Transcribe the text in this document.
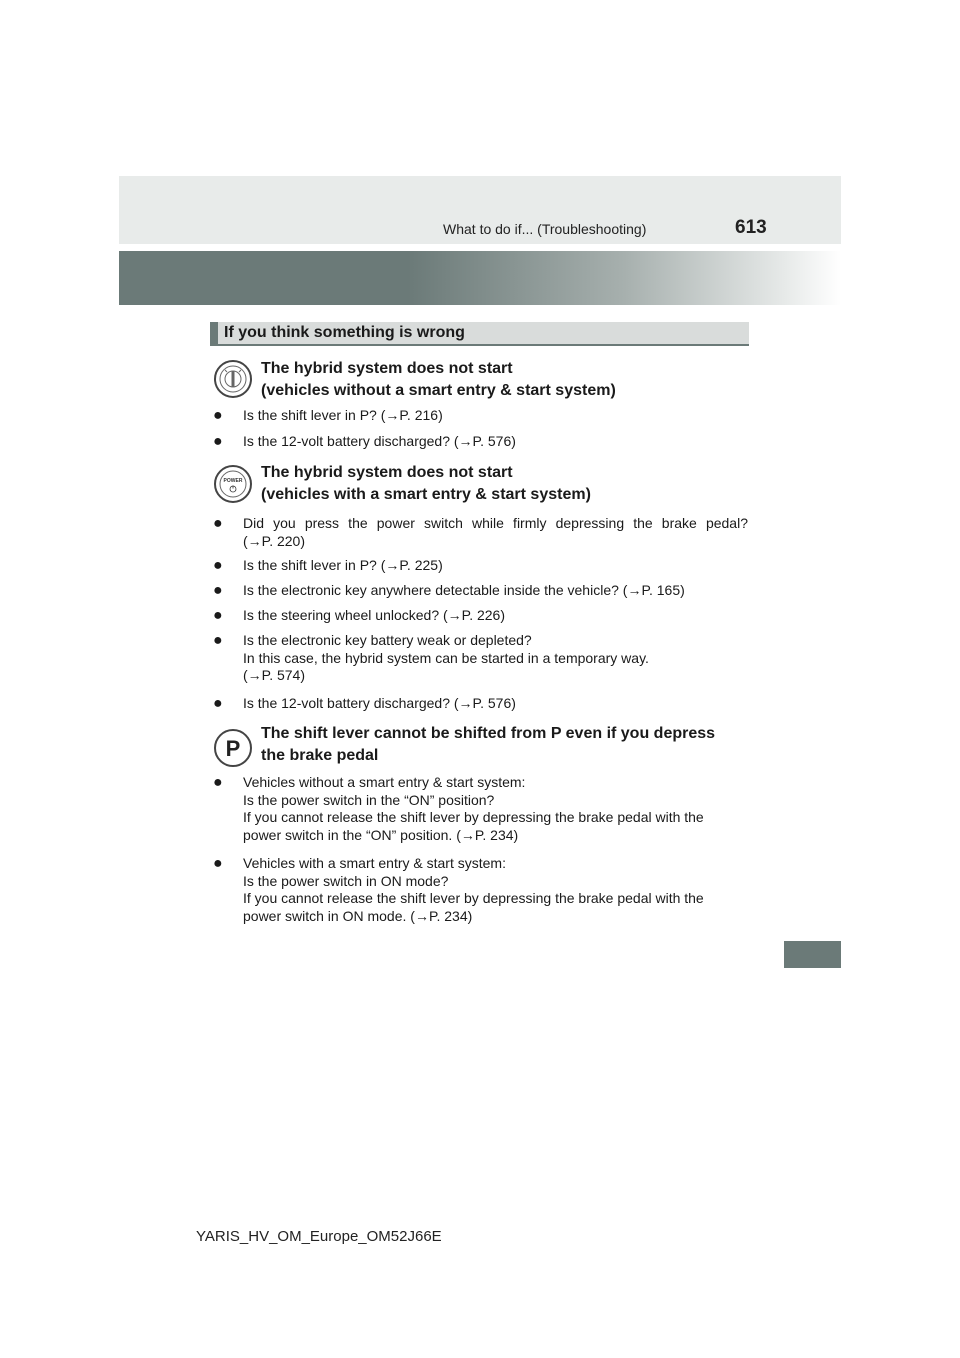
What to do if... (Troubleshooting)	613
If you think something is wrong
The hybrid system does not start
(vehicles without a smart entry & start system)
● Is the shift lever in P? (→P. 216)
● Is the 12-volt battery discharged? (→P. 576)
POWER The hybrid system does not start
(vehicles with a smart entry & start system)
● Did you press the power switch while firmly depressing the brake pedal?
(→P. 220)
● Is the shift lever in P? (→P. 225)
● Is the electronic key anywhere detectable inside the vehicle? (→P. 165)
● Is the steering wheel unlocked? (→P. 226)
● Is the electronic key battery weak or depleted?
In this case, the hybrid system can be started in a temporary way.
(→P. 574)
● Is the 12-volt battery discharged? (→P. 576)
P
The shift lever cannot be shifted from P even if you depress
the brake pedal
● Vehicles without a smart entry & start system:
Is the power switch in the “ON” position?
If you cannot release the shift lever by depressing the brake pedal with the
power switch in the “ON” position. (→P. 234)
● Vehicles with a smart entry & start system:
Is the power switch in ON mode?
If you cannot release the shift lever by depressing the brake pedal with the
power switch in ON mode. (→P. 234)
YARIS_HV_OM_Europe_OM52J66E
